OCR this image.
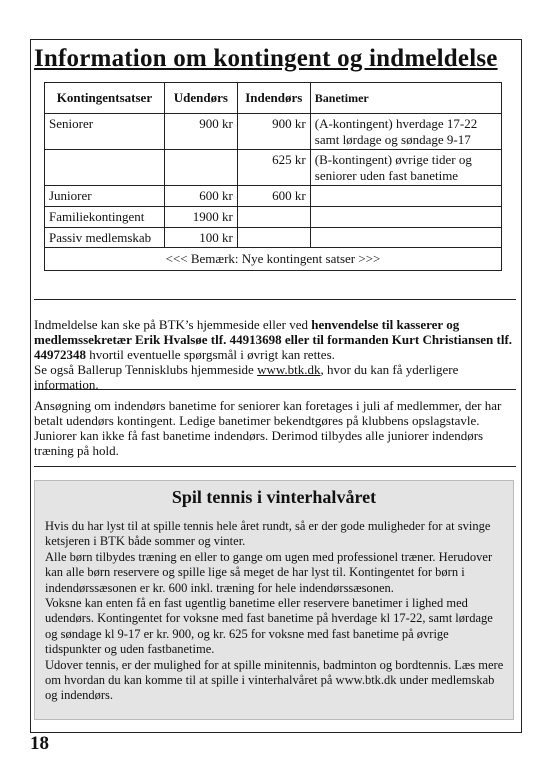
Information om kontingent og indmeldelse
Kontingentsatser	Udendørs	Indendørs	Banetimer
Seniorer	900 kr	900 kr	(A-kontingent) hverdage 17-22 samt lørdage og søndage 9-17
		625 kr	(B-kontingent) øvrige tider og seniorer uden fast banetime
Juniorer	600 kr	600 kr	
Familiekontingent	1900 kr		
Passiv medlemskab	100 kr		
<<< Bemærk: Nye kontingent satser >>>			
Indmeldelse kan ske på BTK’s hjemmeside eller ved henvendelse til kasserer og medlemssekretær Erik Hvalsøe tlf. 44913698 eller til formanden Kurt Christiansen tlf. 44972348 hvortil eventuelle spørgsmål i øvrigt kan rettes.
Se også Ballerup Tennisklubs hjemmeside www.btk.dk, hvor du kan få yderligere information.
Ansøgning om indendørs banetime for seniorer kan foretages i juli af medlemmer, der har betalt udendørs kontingent. Ledige banetimer bekendtgøres på klubbens opslagstavle.
Juniorer kan ikke få fast banetime indendørs. Derimod tilbydes alle juniorer indendørs træning på hold.
Spil tennis i vinterhalvåret
Hvis du har lyst til at spille tennis hele året rundt, så er der gode muligheder for at svinge ketsjeren i BTK både sommer og vinter.
Alle børn tilbydes træning en eller to gange om ugen med professionel træner. Herudover kan alle børn reservere og spille lige så meget de har lyst til. Kontingentet for børn i indendørssæsonen er kr. 600 inkl. træning for hele indendørssæsonen.
Voksne kan enten få en fast ugentlig banetime eller reservere banetimer i lighed med udendørs. Kontingentet for voksne med fast banetime på hverdage kl 17-22, samt lørdage og søndage kl 9-17 er kr. 900, og kr. 625 for voksne med fast banetime på øvrige tidspunkter og uden fastbanetime.
Udover tennis, er der mulighed for at spille minitennis, badminton og bordtennis. Læs mere om hvordan du kan komme til at spille i vinterhalvåret på www.btk.dk under medlemskab og indendørs.
18
